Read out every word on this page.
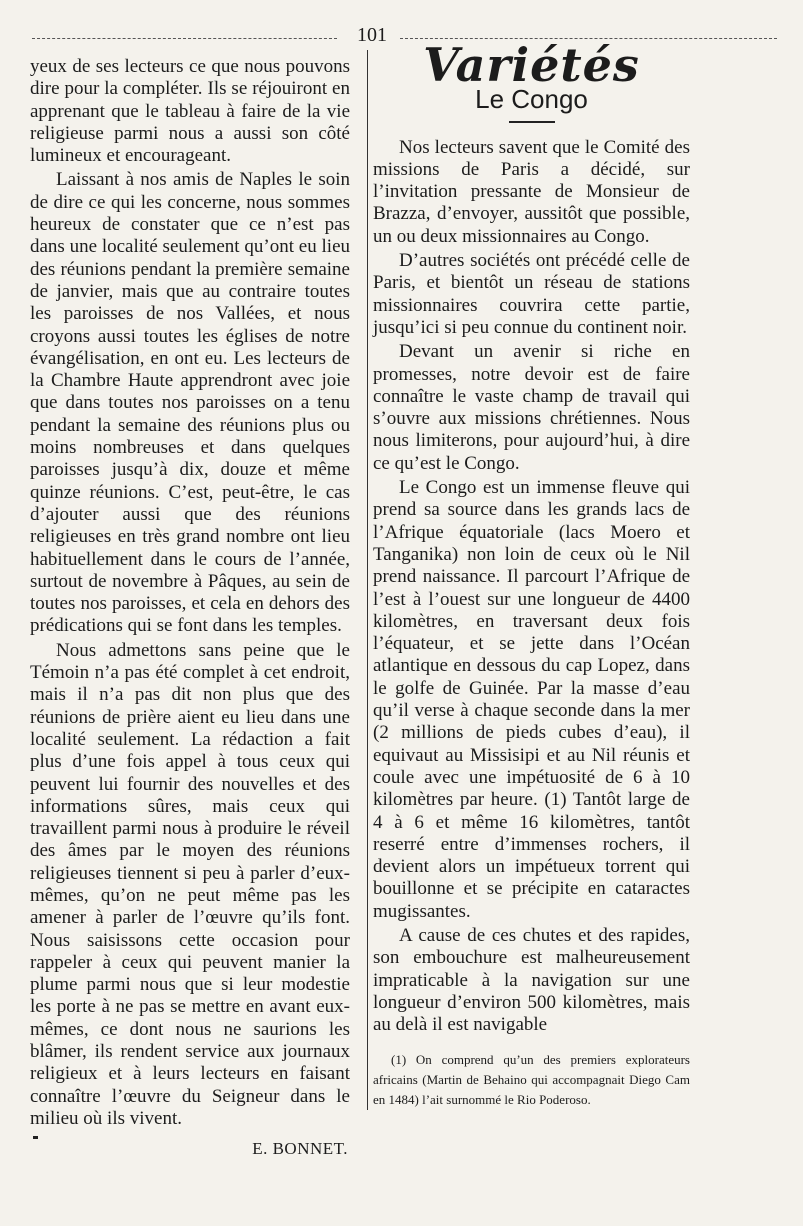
101

yeux de ses lecteurs ce que nous pouvons dire pour la compléter. Ils se réjouiront en apprenant que le tableau à faire de la vie religieuse parmi nous a aussi son côté lumineux et encourageant.

Laissant à nos amis de Naples le soin de dire ce qui les concerne, nous sommes heureux de constater que ce n’est pas dans une localité seulement qu’ont eu lieu des réunions pendant la première semaine de janvier, mais que au contraire toutes les paroisses de nos Vallées, et nous croyons aussi toutes les églises de notre évangélisation, en ont eu. Les lecteurs de la Chambre Haute apprendront avec joie que dans toutes nos paroisses on a tenu pendant la semaine des réunions plus ou moins nombreuses et dans quelques paroisses jusqu’à dix, douze et même quinze réunions. C’est, peut-être, le cas d’ajouter aussi que des réunions religieuses en très grand nombre ont lieu habituellement dans le cours de l’année, surtout de novembre à Pâques, au sein de toutes nos paroisses, et cela en dehors des prédications qui se font dans les temples.

Nous admettons sans peine que le Témoin n’a pas été complet à cet endroit, mais il n’a pas dit non plus que des réunions de prière aient eu lieu dans une localité seulement. La rédaction a fait plus d’une fois appel à tous ceux qui peuvent lui fournir des nouvelles et des informations sûres, mais ceux qui travaillent parmi nous à produire le réveil des âmes par le moyen des réunions religieuses tiennent si peu à parler d’eux-mêmes, qu’on ne peut même pas les amener à parler de l’œuvre qu’ils font. Nous saisissons cette occasion pour rappeler à ceux qui peuvent manier la plume parmi nous que si leur modestie les porte à ne pas se mettre en avant eux-mêmes, ce dont nous ne saurions les blâmer, ils rendent service aux journaux religieux et à leurs lecteurs en faisant connaître l’œuvre du Seigneur dans le milieu où ils vivent.

E. BONNET.
Variétés
Le Congo

Nos lecteurs savent que le Comité des missions de Paris a décidé, sur l’invitation pressante de Monsieur de Brazza, d’envoyer, aussitôt que possible, un ou deux missionnaires au Congo.

D’autres sociétés ont précédé celle de Paris, et bientôt un réseau de stations missionnaires couvrira cette partie, jusqu’ici si peu connue du continent noir.

Devant un avenir si riche en promesses, notre devoir est de faire connaître le vaste champ de travail qui s’ouvre aux missions chrétiennes. Nous nous limiterons, pour aujourd’hui, à dire ce qu’est le Congo.

Le Congo est un immense fleuve qui prend sa source dans les grands lacs de l’Afrique équatoriale (lacs Moero et Tanganika) non loin de ceux où le Nil prend naissance. Il parcourt l’Afrique de l’est à l’ouest sur une longueur de 4400 kilomètres, en traversant deux fois l’équateur, et se jette dans l’Océan atlantique en dessous du cap Lopez, dans le golfe de Guinée. Par la masse d’eau qu’il verse à chaque seconde dans la mer (2 millions de pieds cubes d’eau), il equivaut au Missisipi et au Nil réunis et coule avec une impétuosité de 6 à 10 kilomètres par heure. (1) Tantôt large de 4 à 6 et même 16 kilomètres, tantôt reserré entre d’immenses rochers, il devient alors un impétueux torrent qui bouillonne et se précipite en cataractes mugissantes.

A cause de ces chutes et des rapides, son embouchure est malheureusement impraticable à la navigation sur une longueur d’environ 500 kilomètres, mais au delà il est navigable

(1) On comprend qu’un des premiers explorateurs africains (Martin de Behaino qui accompagnait Diego Cam en 1484) l’ait surnommé le Rio Poderoso.
